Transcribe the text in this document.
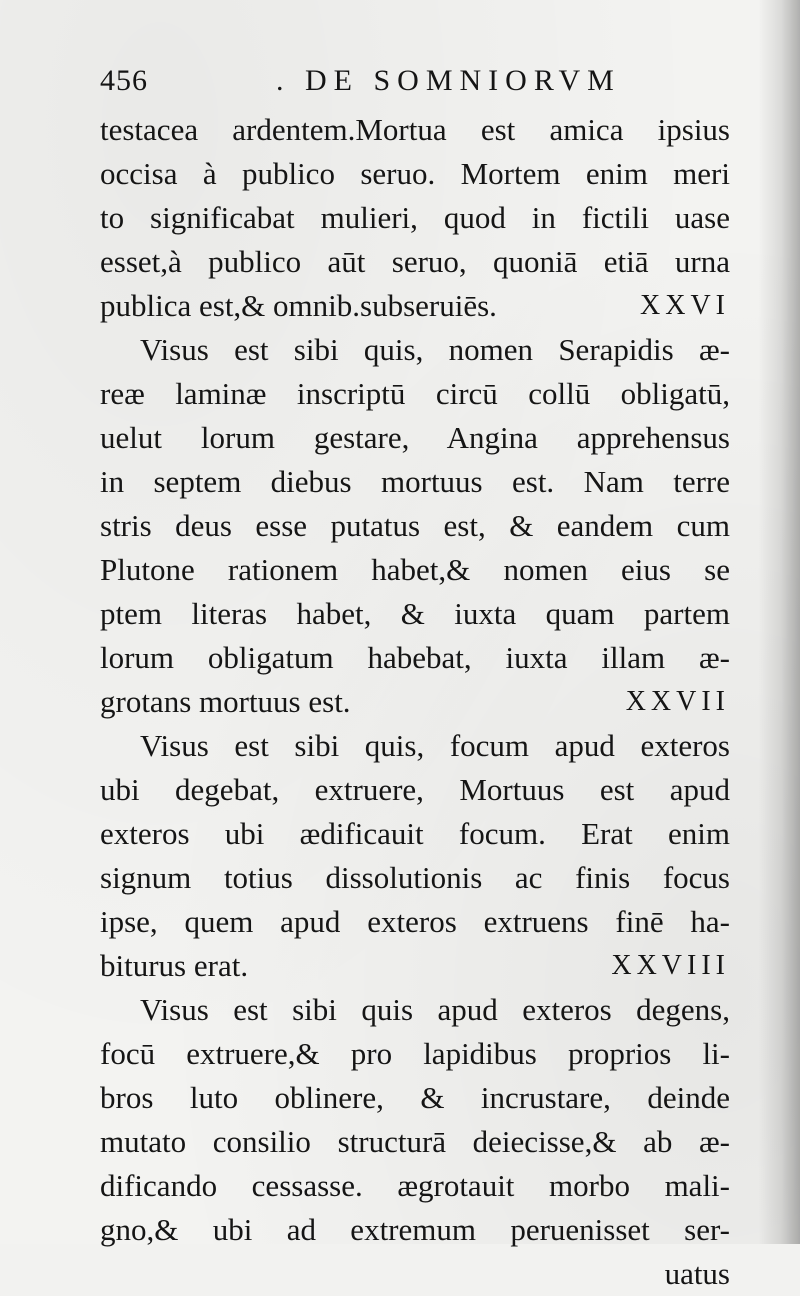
456	. DE SOMNIORVM
testacea ardentem.Mortua est amica ipsius
occisa à publico seruo. Mortem enim meri
to significabat mulieri, quod in fictili uase
esset,à publico aūt seruo, quoniā etiā urna
publica est,& omnib.subseruiēs.	XXVI
Visus est sibi quis, nomen Serapidis æ-
reæ laminæ inscriptū circū collū obligatū,
uelut lorum gestare, Angina apprehensus
in septem diebus mortuus est. Nam terre
stris deus esse putatus est, & eandem cum
Plutone rationem habet,& nomen eius se
ptem literas habet, & iuxta quam partem
lorum obligatum habebat, iuxta illam æ-
grotans mortuus est.	XXVII
Visus est sibi quis, focum apud exteros
ubi degebat, extruere, Mortuus est apud
exteros ubi ædificauit focum. Erat enim
signum totius dissolutionis ac finis focus
ipse, quem apud exteros extruens finē ha-
biturus erat.	XXVIII
Visus est sibi quis apud exteros degens,
focū extruere,& pro lapidibus proprios li-
bros luto oblinere, & incrustare, deinde
mutato consilio structurā deiecisse,& ab æ-
dificando cessasse. ægrotauit morbo mali-
gno,& ubi ad extremum peruenisset ser-
uatus
